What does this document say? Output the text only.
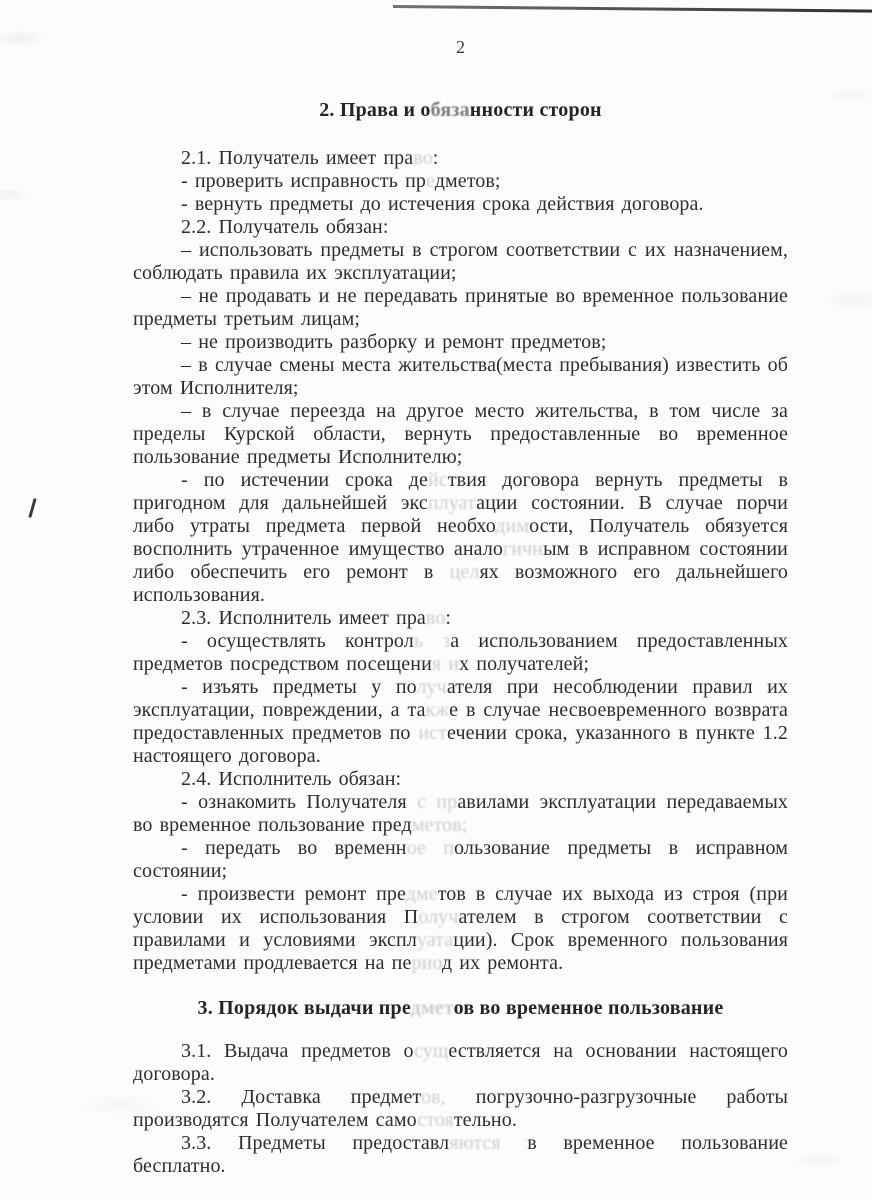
2
2. Права и обязанности сторон

2.1. Получатель имеет право:

- проверить исправность предметов;

- вернуть предметы до истечения срока действия договора.

2.2. Получатель обязан:

– использовать предметы в строгом соответствии с их назначением, соблюдать правила их эксплуатации;

– не продавать и не передавать принятые во временное пользование предметы третьим лицам;

– не производить разборку и ремонт предметов;

– в случае смены места жительства(места пребывания) известить об этом Исполнителя;

– в случае переезда на другое место жительства, в том числе за пределы Курской области, вернуть предоставленные во временное пользование предметы Исполнителю;

- по истечении срока действия договора вернуть предметы в пригодном для дальнейшей эксплуатации состоянии. В случае порчи либо утраты предмета первой необходимости, Получатель обязуется восполнить утраченное имущество аналогичным в исправном состоянии либо обеспечить его ремонт в целях возможного его дальнейшего использования.

2.3. Исполнитель имеет право:

- осуществлять контроль за использованием предоставленных предметов посредством посещения их получателей;

- изъять предметы у получателя при несоблюдении правил их эксплуатации, повреждении, а также в случае несвоевременного возврата предоставленных предметов по истечении срока, указанного в пункте 1.2 настоящего договора.

2.4. Исполнитель обязан:

- ознакомить Получателя с правилами эксплуатации передаваемых во временное пользование предметов;

- передать во временное пользование предметы в исправном состоянии;

- произвести ремонт предметов в случае их выхода из строя (при условии их использования Получателем в строгом соответствии с правилами и условиями эксплуатации). Срок временного пользования предметами продлевается на период их ремонта.

3. Порядок выдачи предметов во временное пользование

3.1. Выдача предметов осуществляется на основании настоящего договора.

3.2. Доставка предметов, погрузочно-разгрузочные работы производятся Получателем самостоятельно.

3.3. Предметы предоставляются в временное пользование бесплатно.
